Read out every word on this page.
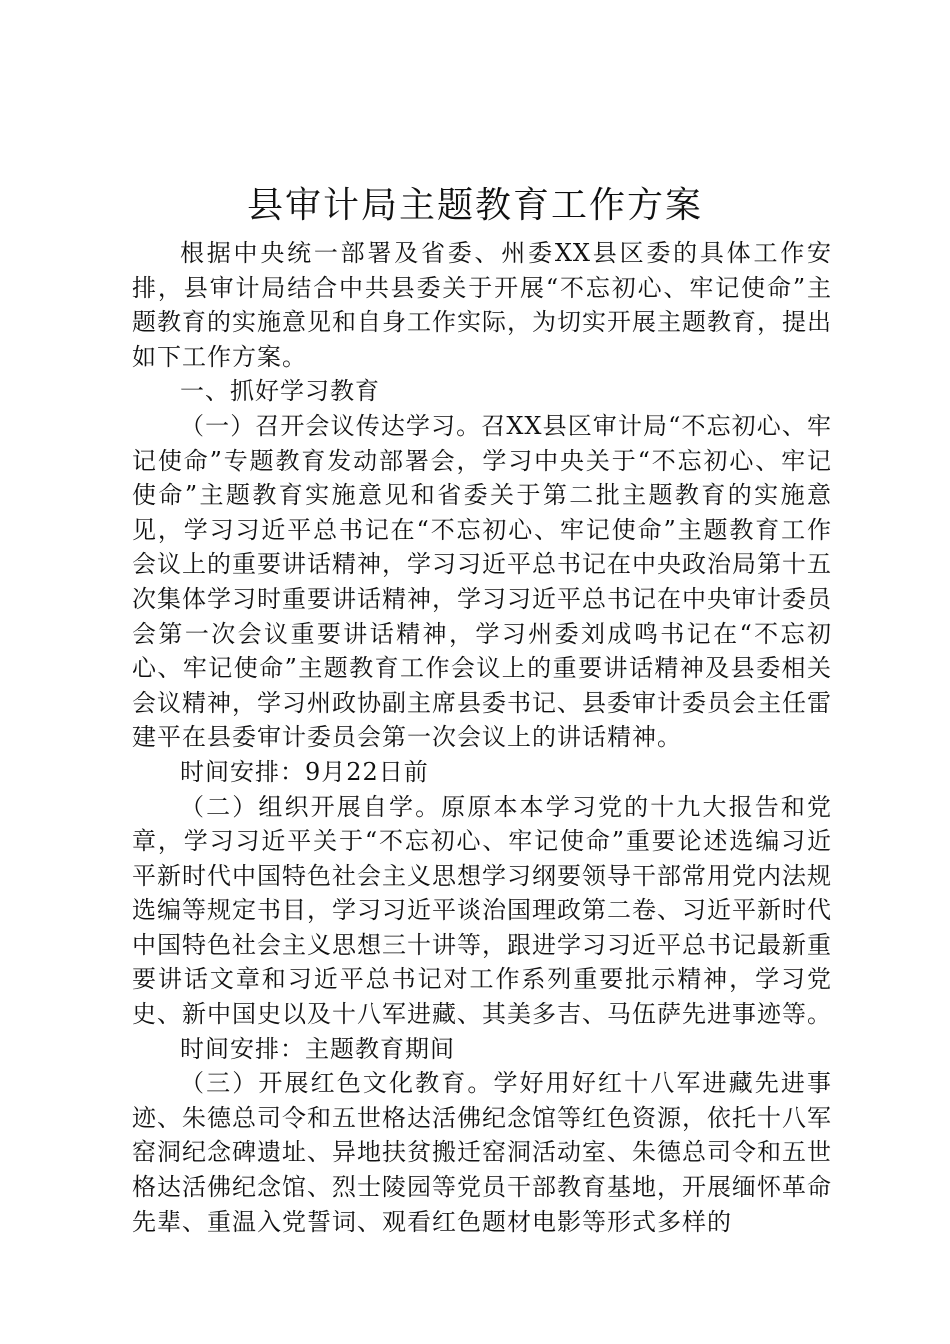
县审计局主题教育工作方案

根据中央统一部署及省委、州委XX县区委的具体工作安排，县审计局结合中共县委关于开展“不忘初心、牢记使命”主题教育的实施意见和自身工作实际，为切实开展主题教育，提出如下工作方案。

一、抓好学习教育

（一）召开会议传达学习。召XX县区审计局“不忘初心、牢记使命”专题教育发动部署会，学习中央关于“不忘初心、牢记使命”主题教育实施意见和省委关于第二批主题教育的实施意见，学习习近平总书记在“不忘初心、牢记使命”主题教育工作会议上的重要讲话精神，学习习近平总书记在中央政治局第十五次集体学习时重要讲话精神，学习习近平总书记在中央审计委员会第一次会议重要讲话精神，学习州委刘成鸣书记在“不忘初心、牢记使命”主题教育工作会议上的重要讲话精神及县委相关会议精神，学习州政协副主席县委书记、县委审计委员会主任雷建平在县委审计委员会第一次会议上的讲话精神。

时间安排：9月22日前

（二）组织开展自学。原原本本学习党的十九大报告和党章，学习习近平关于“不忘初心、牢记使命”重要论述选编习近平新时代中国特色社会主义思想学习纲要领导干部常用党内法规选编等规定书目，学习习近平谈治国理政第二卷、习近平新时代中国特色社会主义思想三十讲等，跟进学习习近平总书记最新重要讲话文章和习近平总书记对工作系列重要批示精神，学习党史、新中国史以及十八军进藏、其美多吉、马伍萨先进事迹等。

时间安排：主题教育期间

（三）开展红色文化教育。学好用好红十八军进藏先进事迹、朱德总司令和五世格达活佛纪念馆等红色资源，依托十八军窑洞纪念碑遗址、异地扶贫搬迁窑洞活动室、朱德总司令和五世格达活佛纪念馆、烈士陵园等党员干部教育基地，开展缅怀革命先辈、重温入党誓词、观看红色题材电影等形式多样的
